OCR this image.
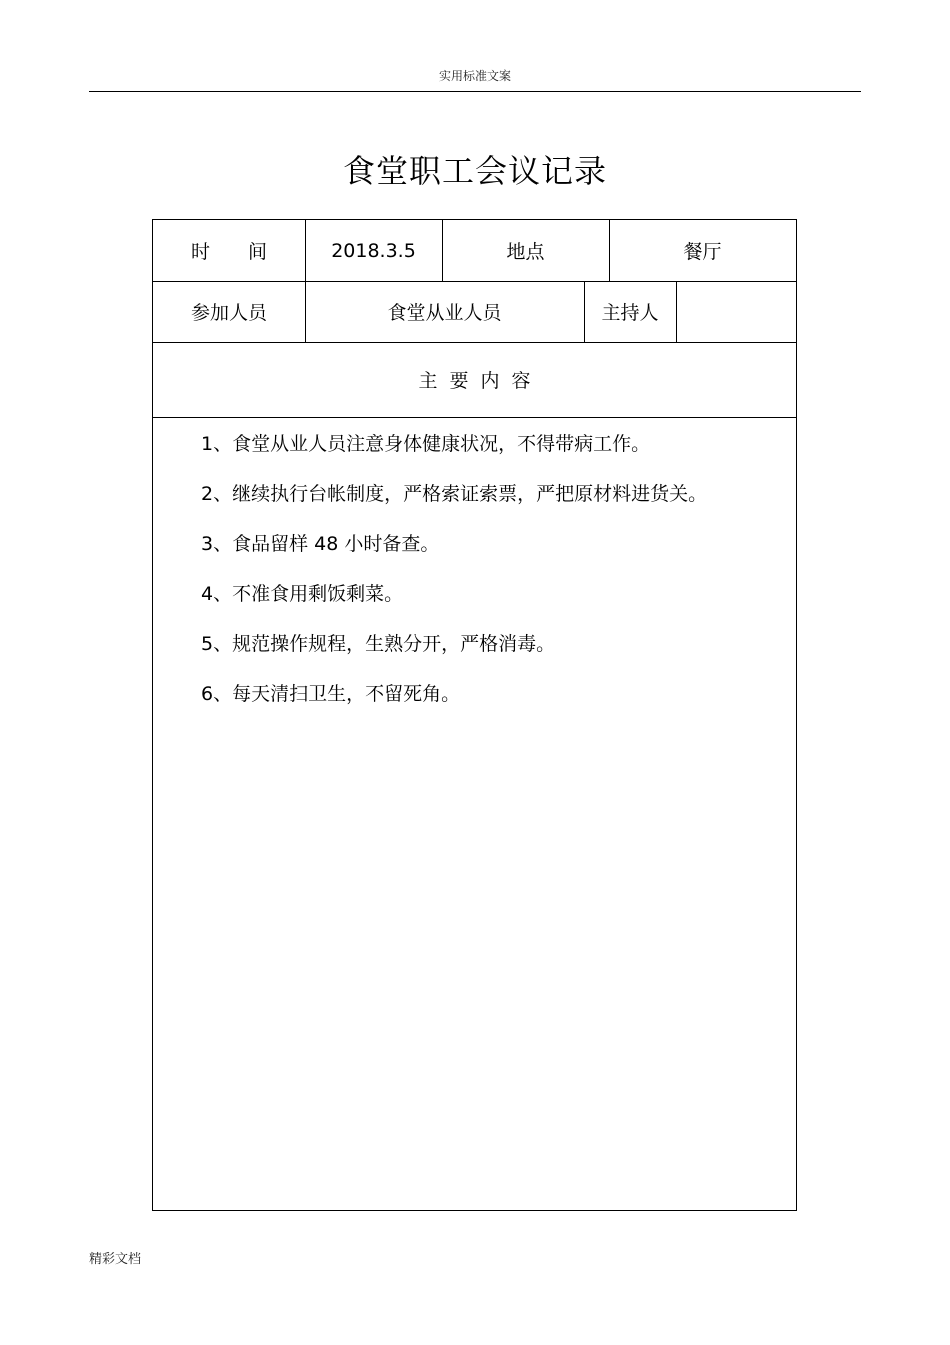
实用标准文案
食堂职工会议记录
时　　间	2018.3.5	地点	餐厅
参加人员	食堂从业人员	主持人
主要内容
1、食堂从业人员注意身体健康状况，不得带病工作。
2、继续执行台帐制度，严格索证索票，严把原材料进货关。
3、食品留样 48 小时备查。
4、不准食用剩饭剩菜。
5、规范操作规程，生熟分开，严格消毒。
6、每天清扫卫生，不留死角。
精彩文档
